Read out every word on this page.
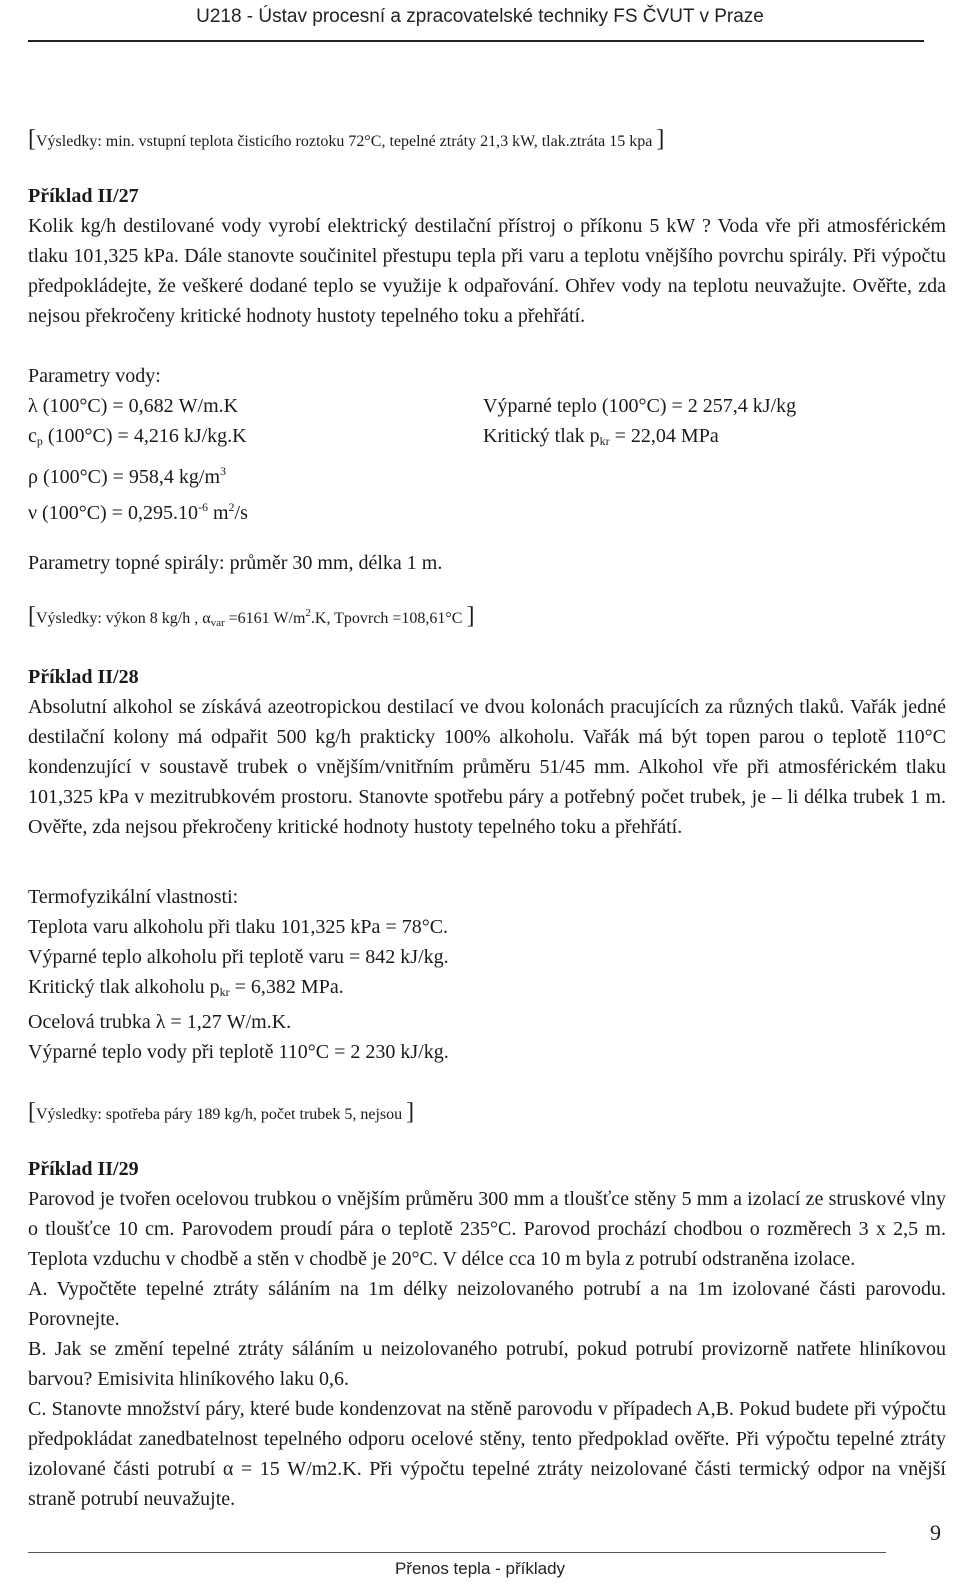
U218 - Ústav procesní a zpracovatelské techniky FS ČVUT v Praze

[Výsledky: min. vstupní teplota čisticího roztoku 72°C, tepelné ztráty 21,3 kW, tlak.ztráta 15 kpa ]

Příklad II/27

Kolik kg/h destilované vody vyrobí elektrický destilační přístroj o příkonu 5 kW ? Voda vře při atmosférickém tlaku 101,325 kPa. Dále stanovte součinitel přestupu tepla při varu a teplotu vnějšího povrchu spirály. Při výpočtu předpokládejte, že veškeré dodané teplo se využije k odpařování. Ohřev vody na teplotu neuvažujte. Ověřte, zda nejsou překročeny kritické hodnoty hustoty tepelného toku a přehřátí.

Parametry vody:

λ (100°C) = 0,682 W/m.K

cp (100°C) = 4,216 kJ/kg.K

ρ (100°C) = 958,4 $kg/m^3$

ν $(100^\circ C) = 0,295.10^{-6}$ $m^2/s$

Výparné teplo (100°C) = 2 257,4 kJ/kg

Kritický tlak pkr = 22,04 MPa

Parametry topné spirály: průměr 30 mm, délka 1 m.

[Výsledky: výkon 8 kg/h , $\alpha_{var} =6161$ $W/m^2.K$, Tpovrch =108,61°C ]

Příklad II/28

Absolutní alkohol se získává azeotropickou destilací ve dvou kolonách pracujících za různých tlaků. Vařák jedné destilační kolony má odpařit 500 kg/h prakticky 100% alkoholu. Vařák má být topen parou o teplotě 110°C kondenzující v soustavě trubek o vnějším/vnitřním průměru 51/45 mm. Alkohol vře při atmosférickém tlaku 101,325 kPa v mezitrubkovém prostoru. Stanovte spotřebu páry a potřebný počet trubek, je – li délka trubek 1 m. Ověřte, zda nejsou překročeny kritické hodnoty hustoty tepelného toku a přehřátí.

Termofyzikální vlastnosti:

Teplota varu alkoholu při tlaku 101,325 kPa = 78°C.

Výparné teplo alkoholu při teplotě varu = 842 kJ/kg.

Kritický tlak alkoholu pkr = 6,382 MPa.

Ocelová trubka λ = 1,27 W/m.K.

Výparné teplo vody při teplotě 110°C = 2 230 kJ/kg.

[Výsledky: spotřeba páry 189 kg/h, počet trubek 5, nejsou ]

Příklad II/29

Parovod je tvořen ocelovou trubkou o vnějším průměru 300 mm a tloušťce stěny 5 mm a izolací ze struskové vlny o tloušťce 10 cm. Parovodem proudí pára o teplotě 235°C. Parovod prochází chodbou o rozměrech 3 x 2,5 m. Teplota vzduchu v chodbě a stěn v chodbě je 20°C. V délce cca 10 m byla z potrubí odstraněna izolace.

A. Vypočtěte tepelné ztráty sáláním na 1m délky neizolovaného potrubí a na 1m izolované části parovodu. Porovnejte.

B. Jak se změní tepelné ztráty sáláním u neizolovaného potrubí, pokud potrubí provizorně natřete hliníkovou barvou? Emisivita hliníkového laku 0,6.

C. Stanovte množství páry, které bude kondenzovat na stěně parovodu v případech A,B. Pokud budete při výpočtu předpokládat zanedbatelnost tepelného odporu ocelové stěny, tento předpoklad ověřte. Při výpočtu tepelné ztráty izolované části potrubí α = 15 W/m2.K. Při výpočtu tepelné ztráty neizolované části termický odpor na vnější straně potrubí neuvažujte.

9
Přenos tepla - příklady
